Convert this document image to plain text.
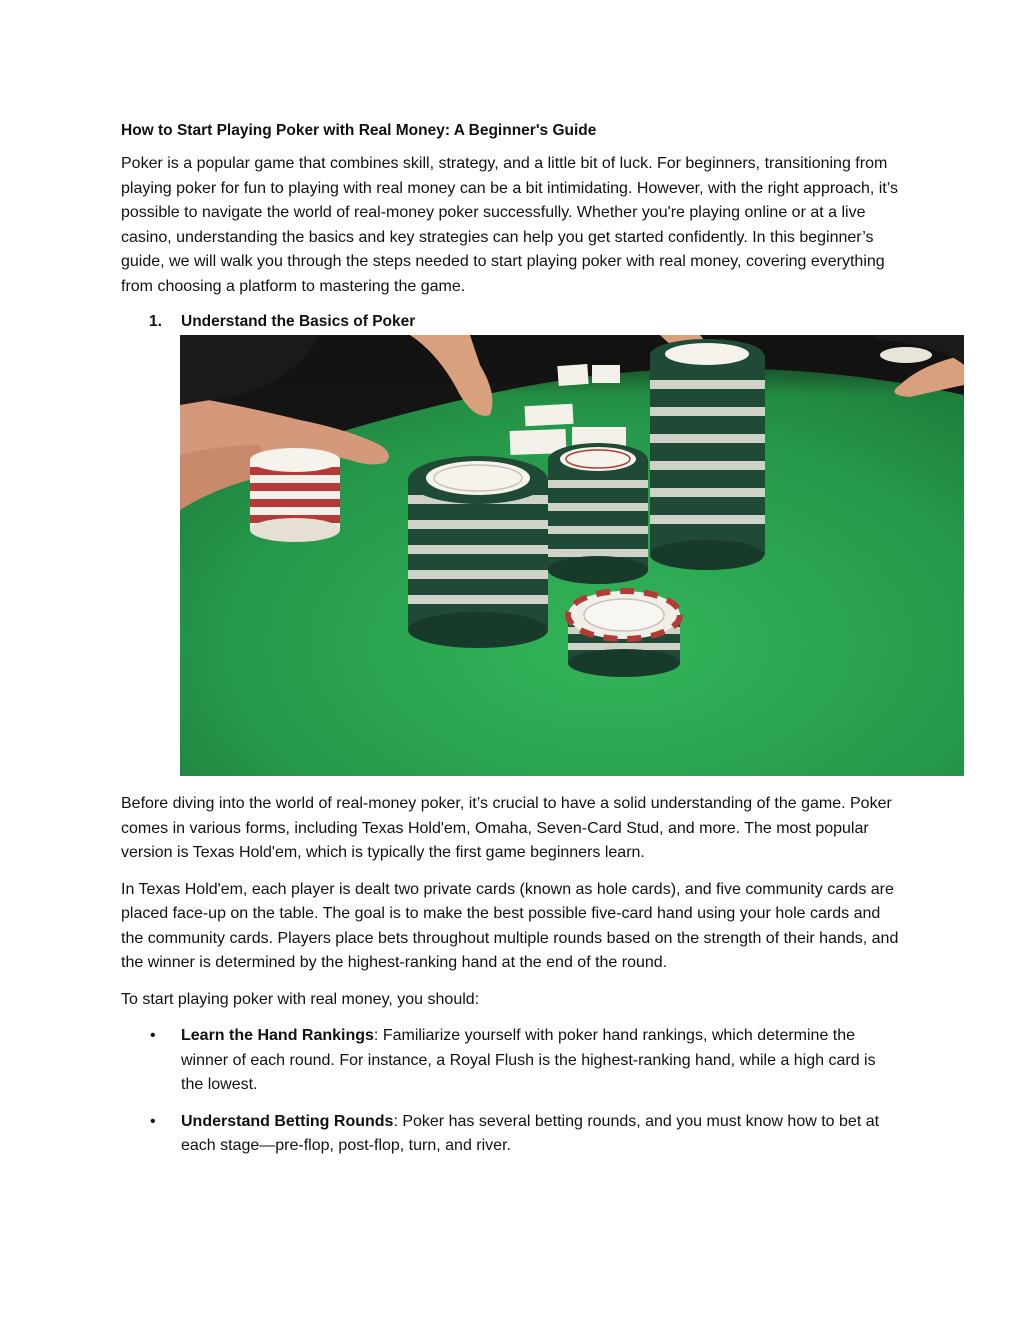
How to Start Playing Poker with Real Money: A Beginner's Guide

Poker is a popular game that combines skill, strategy, and a little bit of luck. For beginners, transitioning from playing poker for fun to playing with real money can be a bit intimidating. However, with the right approach, it’s possible to navigate the world of real-money poker successfully. Whether you're playing online or at a live casino, understanding the basics and key strategies can help you get started confidently. In this beginner’s guide, we will walk you through the steps needed to start playing poker with real money, covering everything from choosing a platform to mastering the game.

1.	Understand the Basics of Poker

Before diving into the world of real-money poker, it’s crucial to have a solid understanding of the game. Poker comes in various forms, including Texas Hold'em, Omaha, Seven-Card Stud, and more. The most popular version is Texas Hold'em, which is typically the first game beginners learn.

In Texas Hold'em, each player is dealt two private cards (known as hole cards), and five community cards are placed face-up on the table. The goal is to make the best possible five-card hand using your hole cards and the community cards. Players place bets throughout multiple rounds based on the strength of their hands, and the winner is determined by the highest-ranking hand at the end of the round.

To start playing poker with real money, you should:

• Learn the Hand Rankings: Familiarize yourself with poker hand rankings, which determine the winner of each round. For instance, a Royal Flush is the highest-ranking hand, while a high card is the lowest.
• Understand Betting Rounds: Poker has several betting rounds, and you must know how to bet at each stage—pre-flop, post-flop, turn, and river.
